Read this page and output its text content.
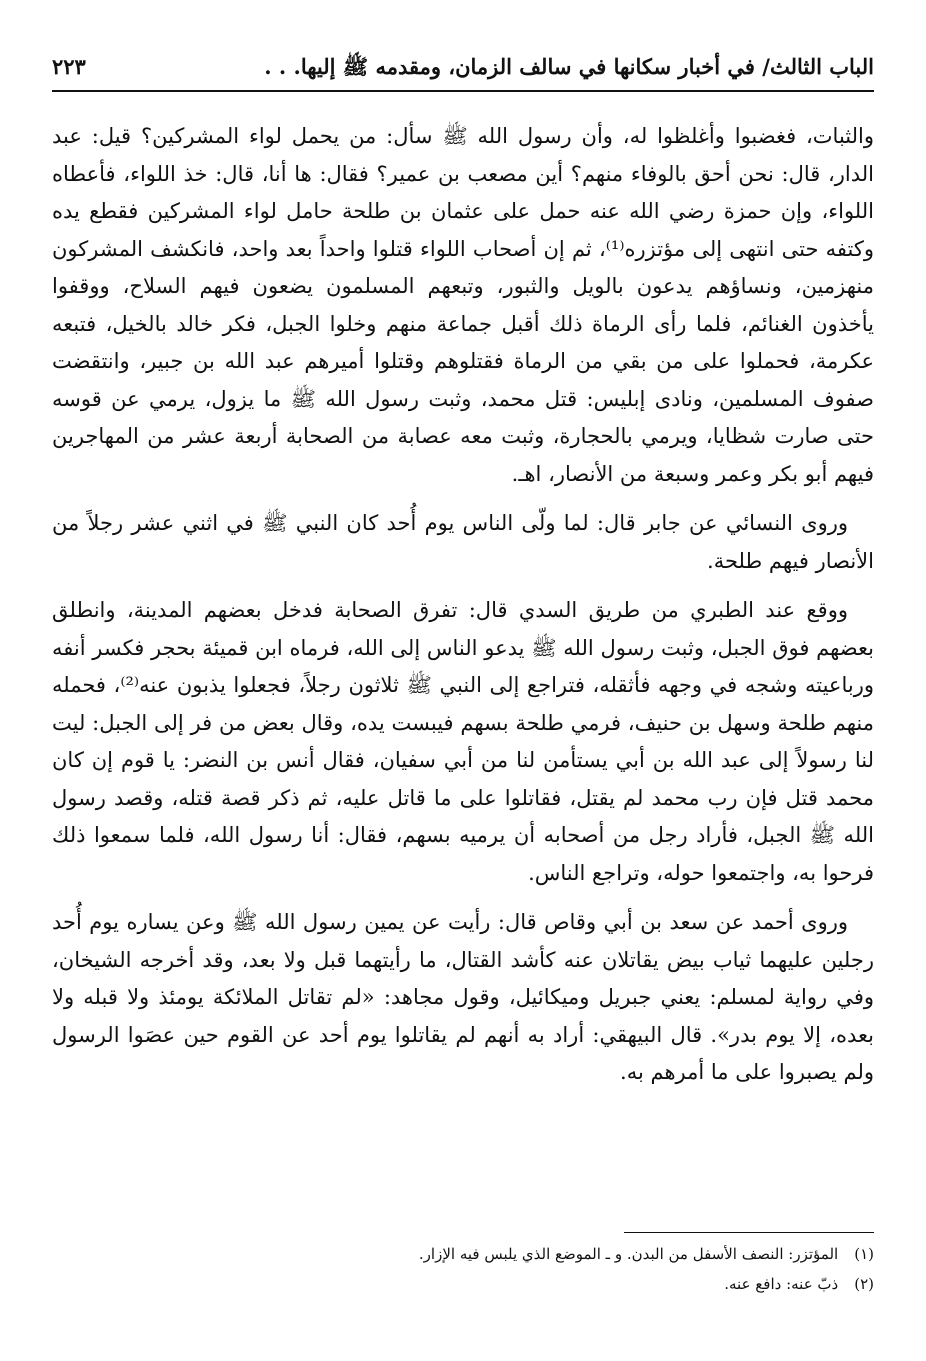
الباب الثالث/ في أخبار سكانها في سالف الزمان، ومقدمه ﷺ إليها. . .
٢٢٣

والثبات، فغضبوا وأغلظوا له، وأن رسول الله ﷺ سأل: من يحمل لواء المشركين؟ قيل: عبد الدار، قال: نحن أحق بالوفاء منهم؟ أين مصعب بن عمير؟ فقال: ها أنا، قال: خذ اللواء، فأعطاه اللواء، وإن حمزة رضي الله عنه حمل على عثمان بن طلحة حامل لواء المشركين فقطع يده وكتفه حتى انتهى إلى مؤتزره⁽¹⁾، ثم إن أصحاب اللواء قتلوا واحداً بعد واحد، فانكشف المشركون منهزمين، ونساؤهم يدعون بالويل والثبور، وتبعهم المسلمون يضعون فيهم السلاح، ووقفوا يأخذون الغنائم، فلما رأى الرماة ذلك أقبل جماعة منهم وخلوا الجبل، فكر خالد بالخيل، فتبعه عكرمة، فحملوا على من بقي من الرماة فقتلوهم وقتلوا أميرهم عبد الله بن جبير، وانتقضت صفوف المسلمين، ونادى إبليس: قتل محمد، وثبت رسول الله ﷺ ما يزول، يرمي عن قوسه حتى صارت شظايا، ويرمي بالحجارة، وثبت معه عصابة من الصحابة أربعة عشر من المهاجرين فيهم أبو بكر وعمر وسبعة من الأنصار، اهـ.

وروى النسائي عن جابر قال: لما ولّى الناس يوم أُحد كان النبي ﷺ في اثني عشر رجلاً من الأنصار فيهم طلحة.

ووقع عند الطبري من طريق السدي قال: تفرق الصحابة فدخل بعضهم المدينة، وانطلق بعضهم فوق الجبل، وثبت رسول الله ﷺ يدعو الناس إلى الله، فرماه ابن قميئة بحجر فكسر أنفه ورباعيته وشجه في وجهه فأثقله، فتراجع إلى النبي ﷺ ثلاثون رجلاً، فجعلوا يذبون عنه⁽²⁾، فحمله منهم طلحة وسهل بن حنيف، فرمي طلحة بسهم فيبست يده، وقال بعض من فر إلى الجبل: ليت لنا رسولاً إلى عبد الله بن أبي يستأمن لنا من أبي سفيان، فقال أنس بن النضر: يا قوم إن كان محمد قتل فإن رب محمد لم يقتل، فقاتلوا على ما قاتل عليه، ثم ذكر قصة قتله، وقصد رسول الله ﷺ الجبل، فأراد رجل من أصحابه أن يرميه بسهم، فقال: أنا رسول الله، فلما سمعوا ذلك فرحوا به، واجتمعوا حوله، وتراجع الناس.

وروى أحمد عن سعد بن أبي وقاص قال: رأيت عن يمين رسول الله ﷺ وعن يساره يوم أُحد رجلين عليهما ثياب بيض يقاتلان عنه كأشد القتال، ما رأيتهما قبل ولا بعد، وقد أخرجه الشيخان، وفي رواية لمسلم: يعني جبريل وميكائيل، وقول مجاهد: «لم تقاتل الملائكة يومئذ ولا قبله ولا بعده، إلا يوم بدر». قال البيهقي: أراد به أنهم لم يقاتلوا يوم أحد عن القوم حين عصَوا الرسول ولم يصبروا على ما أمرهم به.

(١)المؤتزر: النصف الأسفل من البدن. و ـ الموضع الذي يلبس فيه الإزار.

(٢)ذبّ عنه: دافع عنه.
